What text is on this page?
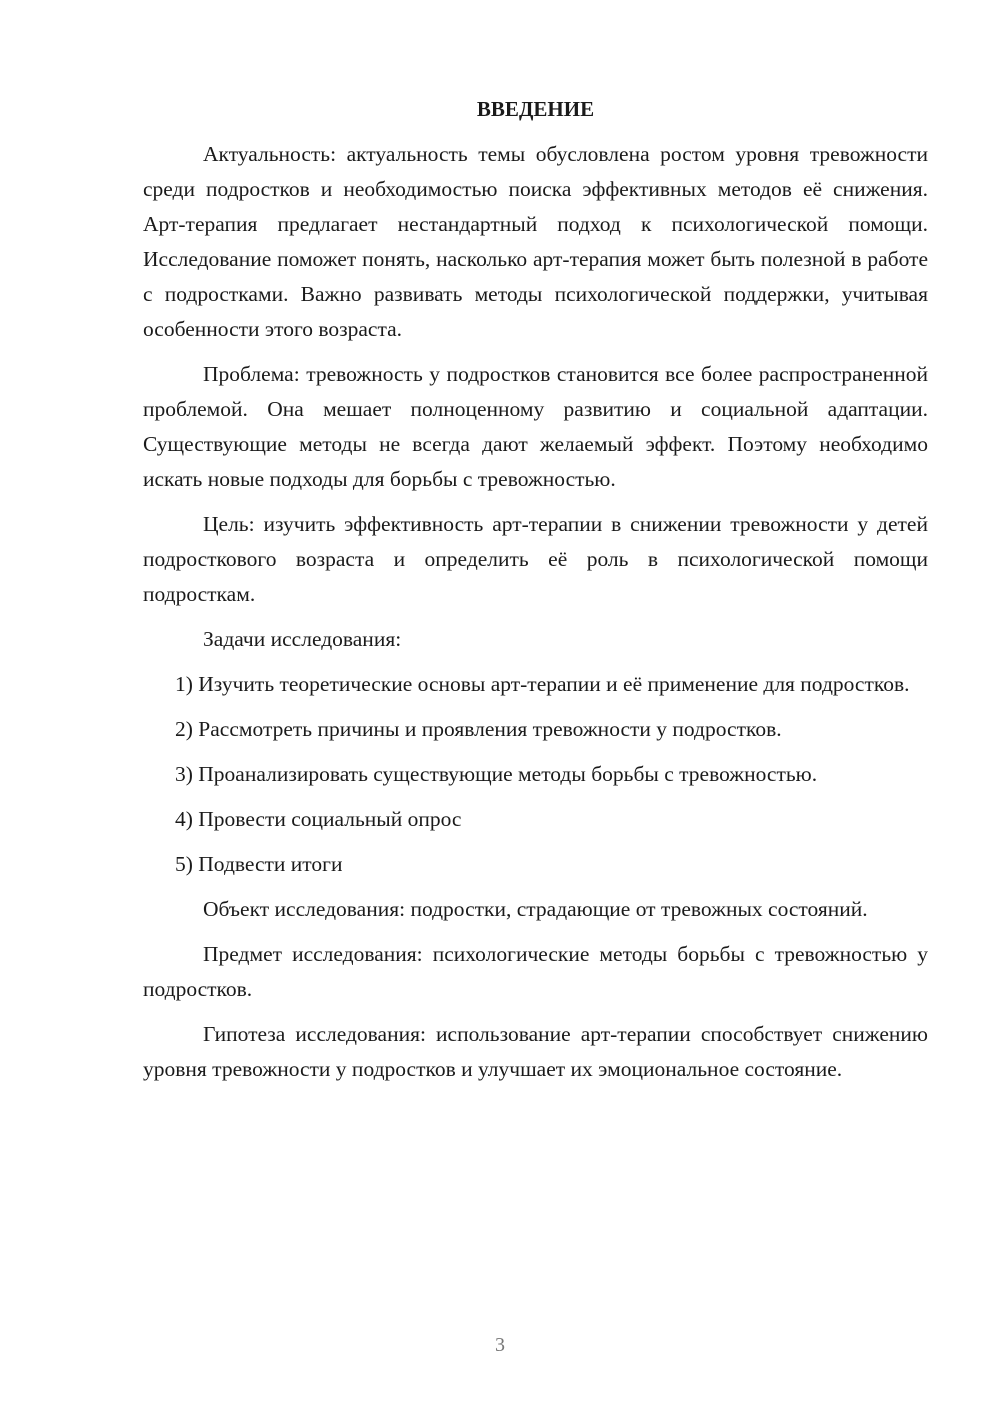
ВВЕДЕНИЕ

Актуальность: актуальность темы обусловлена ростом уровня тревожности среди подростков и необходимостью поиска эффективных методов её снижения. Арт-терапия предлагает нестандартный подход к психологической помощи. Исследование поможет понять, насколько арт-терапия может быть полезной в работе с подростками. Важно развивать методы психологической поддержки, учитывая особенности этого возраста.

Проблема: тревожность у подростков становится все более распространенной проблемой. Она мешает полноценному развитию и социальной адаптации. Существующие методы не всегда дают желаемый эффект. Поэтому необходимо искать новые подходы для борьбы с тревожностью.

Цель: изучить эффективность арт-терапии в снижении тревожности у детей подросткового возраста и определить её роль в психологической помощи подросткам.

Задачи исследования:

1) Изучить теоретические основы арт-терапии и её применение для подростков.

2) Рассмотреть причины и проявления тревожности у подростков.

3) Проанализировать существующие методы борьбы с тревожностью.

4) Провести социальный опрос

5) Подвести итоги

Объект исследования: подростки, страдающие от тревожных состояний.

Предмет исследования: психологические методы борьбы с тревожностью у подростков.

Гипотеза исследования: использование арт-терапии способствует снижению уровня тревожности у подростков и улучшает их эмоциональное состояние.

3
